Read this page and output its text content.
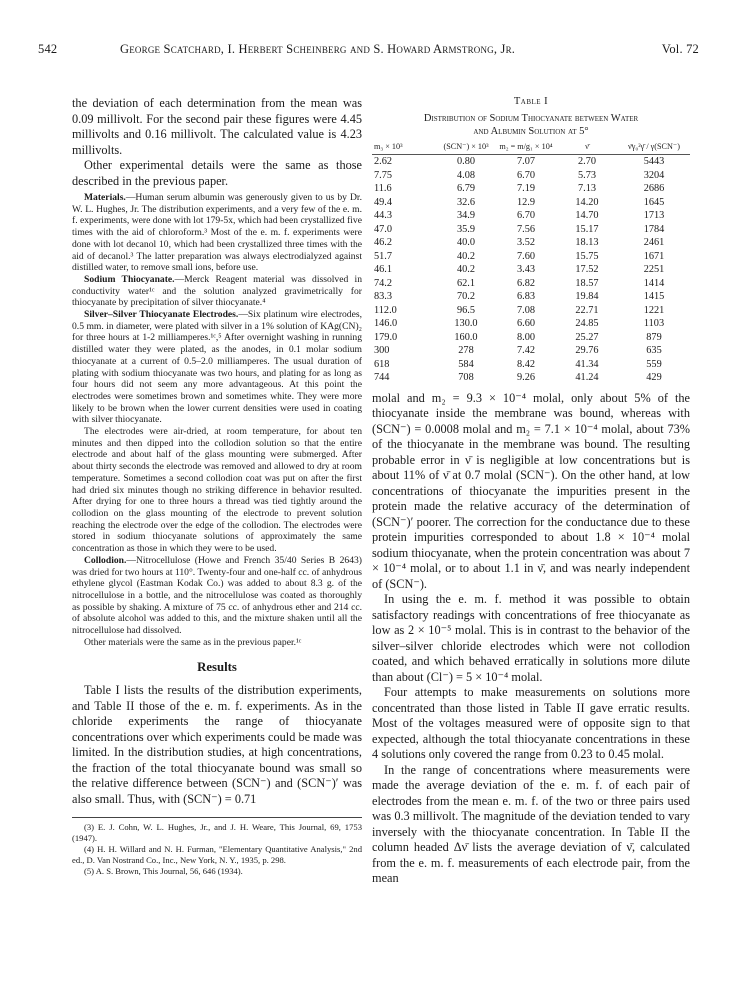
542	George Scatchard, I. Herbert Scheinberg and S. Howard Armstrong, Jr.	Vol. 72

the deviation of each determination from the mean was 0.09 millivolt. For the second pair these figures were 4.45 millivolts and 0.16 millivolt. The calculated value is 4.23 millivolts.

Other experimental details were the same as those described in the previous paper.

Materials.—Human serum albumin was generously given to us by Dr. W. L. Hughes, Jr. The distribution experiments, and a very few of the e. m. f. experiments, were done with lot 179-5x, which had been crystallized five times with the aid of chloroform.³ Most of the e. m. f. experiments were done with lot decanol 10, which had been crystallized three times with the aid of decanol.³ The latter preparation was always electrodialyzed against distilled water, to remove small ions, before use.

Sodium Thiocyanate.—Merck Reagent material was dissolved in conductivity water¹ᶜ and the solution analyzed gravimetrically for thiocyanate by precipitation of silver thiocyanate.⁴

Silver–Silver Thiocyanate Electrodes.—Six platinum wire electrodes, 0.5 mm. in diameter, were plated with silver in a 1% solution of KAg(CN)₂ for three hours at 1-2 milliamperes.¹ᶜ,⁵ After overnight washing in running distilled water they were plated, as the anodes, in 0.1 molar sodium thiocyanate at a current of 0.5–2.0 milliamperes. The usual duration of plating with sodium thiocyanate was two hours, and plating for as long as four hours did not seem any more advantageous. At this point the electrodes were sometimes brown and sometimes white. They were more likely to be brown when the lower current densities were used in coating with silver thiocyanate.

The electrodes were air-dried, at room temperature, for about ten minutes and then dipped into the collodion solution so that the entire electrode and about half of the glass mounting were submerged. After about thirty seconds the electrode was removed and allowed to dry at room temperature. Sometimes a second collodion coat was put on after the first had dried six minutes though no striking difference in behavior resulted. After drying for one to three hours a thread was tied tightly around the collodion on the glass mounting of the electrode to prevent solution reaching the electrode over the edge of the collodion. The electrodes were stored in sodium thiocyanate solutions of approximately the same concentration as those in which they were to be used.

Collodion.—Nitrocellulose (Howe and French 35/40 Series B 2643) was dried for two hours at 110°. Twenty-four and one-half cc. of anhydrous ethylene glycol (Eastman Kodak Co.) was added to about 8.3 g. of the nitrocellulose in a bottle, and the nitrocellulose was coated as thoroughly as possible by shaking. A mixture of 75 cc. of anhydrous ether and 214 cc. of absolute alcohol was added to this, and the mixture shaken until all the nitrocellulose had dissolved.

Other materials were the same as in the previous paper.¹ᶜ

Results

Table I lists the results of the distribution experiments, and Table II those of the e. m. f. experiments. As in the chloride experiments the range of thiocyanate concentrations over which experiments could be made was limited. In the distribution studies, at high concentrations, the fraction of the total thiocyanate bound was small so the relative difference between (SCN⁻) and (SCN⁻)′ was also small. Thus, with (SCN⁻) = 0.71

(3) E. J. Cohn, W. L. Hughes, Jr., and J. H. Weare, This Journal, 69, 1753 (1947).

(4) H. H. Willard and N. H. Furman, "Elementary Quantitative Analysis," 2nd ed., D. Van Nostrand Co., Inc., New York, N. Y., 1935, p. 298.

(5) A. S. Brown, This Journal, 56, 646 (1934).

Table I
Distribution of Sodium Thiocyanate between Water
and Albumin Solution at 5°
m₃ × 10³	(SCN⁻) × 10³	m₂ = m/g₁ × 10⁴	ν̄	ν̄γ₀²γ̄ / γ(SCN⁻)
2.62	0.80	7.07	2.70	5443
7.75	4.08	6.70	5.73	3204
11.6	6.79	7.19	7.13	2686
49.4	32.6	12.9	14.20	1645
44.3	34.9	6.70	14.70	1713
47.0	35.9	7.56	15.17	1784
46.2	40.0	3.52	18.13	2461
51.7	40.2	7.60	15.75	1671
46.1	40.2	3.43	17.52	2251
74.2	62.1	6.82	18.57	1414
83.3	70.2	6.83	19.84	1415
112.0	96.5	7.08	22.71	1221
146.0	130.0	6.60	24.85	1103
179.0	160.0	8.00	25.27	879
300	278	7.42	29.76	635
618	584	8.42	41.34	559
744	708	9.26	41.24	429

molal and m₂ = 9.3 × 10⁻⁴ molal, only about 5% of the thiocyanate inside the membrane was bound, whereas with (SCN⁻) = 0.0008 molal and m₂ = 7.1 × 10⁻⁴ molal, about 73% of the thiocyanate in the membrane was bound. The resulting probable error in ν̄ is negligible at low concentrations but is about 11% of ν̄ at 0.7 molal (SCN⁻). On the other hand, at low concentrations of thiocyanate the impurities present in the protein made the relative accuracy of the determination of (SCN⁻)′ poorer. The correction for the conductance due to these protein impurities corresponded to about 1.8 × 10⁻⁴ molal sodium thiocyanate, when the protein concentration was about 7 × 10⁻⁴ molal, or to about 1.1 in ν̄, and was nearly independent of (SCN⁻).

In using the e. m. f. method it was possible to obtain satisfactory readings with concentrations of free thiocyanate as low as 2 × 10⁻⁵ molal. This is in contrast to the behavior of the silver–silver chloride electrodes which were not collodion coated, and which behaved erratically in solutions more dilute than about (Cl⁻) = 5 × 10⁻⁴ molal.

Four attempts to make measurements on solutions more concentrated than those listed in Table II gave erratic results. Most of the voltages measured were of opposite sign to that expected, although the total thiocyanate concentrations in these 4 solutions only covered the range from 0.23 to 0.45 molal.

In the range of concentrations where measurements were made the average deviation of the e. m. f. of each pair of electrodes from the mean e. m. f. of the two or three pairs used was 0.3 millivolt. The magnitude of the deviation tended to vary inversely with the thiocyanate concentration. In Table II the column headed Δν̄ lists the average deviation of ν̄, calculated from the e. m. f. measurements of each electrode pair, from the mean
